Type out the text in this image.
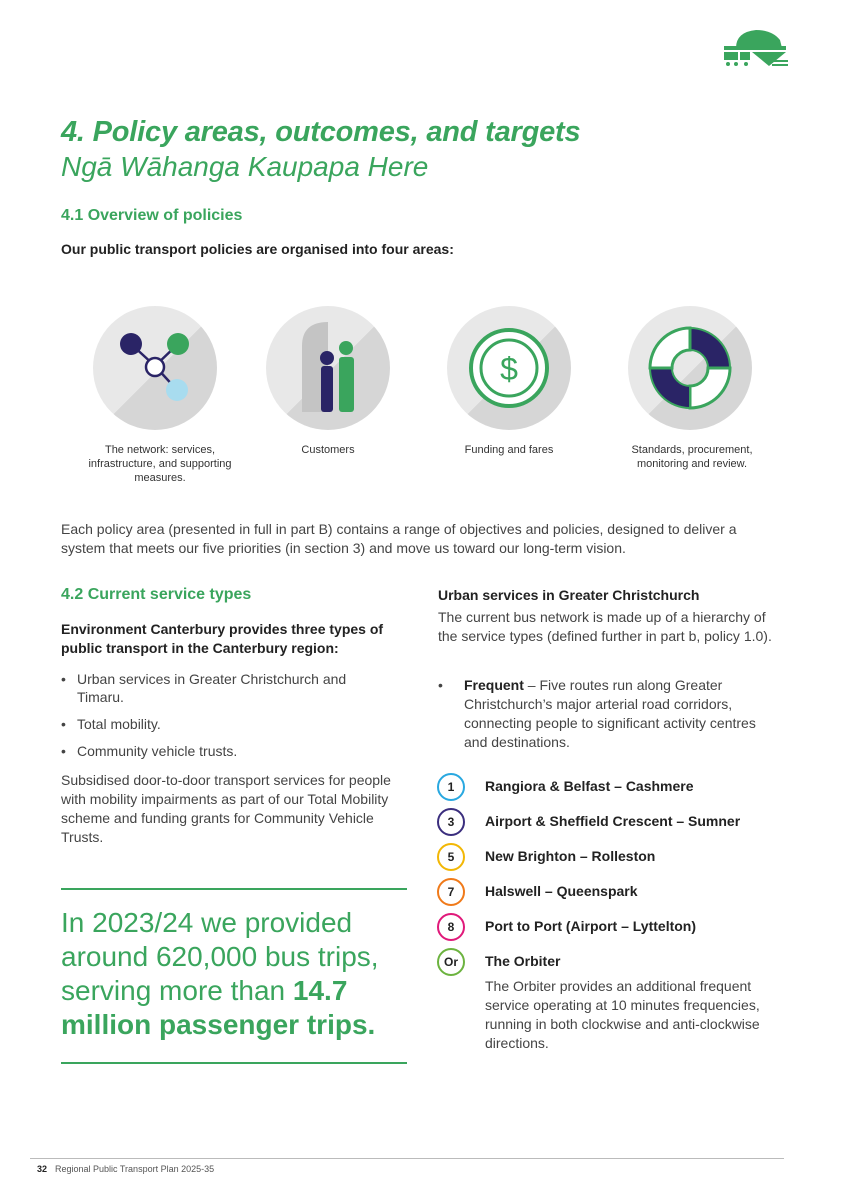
4. Policy areas, outcomes, and targets
Ngā Wāhanga Kaupapa Here
4.1 Overview of policies
Our public transport policies are organised into four areas:
$
The network: services, infrastructure, and supporting measures.
Customers	Funding and fares	Standards, procurement, monitoring and review.
Each policy area (presented in full in part B) contains a range of objectives and policies, designed to deliver a system that meets our five priorities (in section 3) and move us toward our long-term vision.
4.2 Current service types
Environment Canterbury provides three types of public transport in the Canterbury region:
• Urban services in Greater Christchurch and Timaru.
• Total mobility.
• Community vehicle trusts.
Subsidised door-to-door transport services for people with mobility impairments as part of our Total Mobility scheme and funding grants for Community Vehicle Trusts.
In 2023/24 we provided around 620,000 bus trips, serving more than 14.7 million passenger trips.
Urban services in Greater Christchurch
The current bus network is made up of a hierarchy of the service types (defined further in part b, policy 1.0).
•	Frequent – Five routes run along Greater Christchurch’s major arterial road corridors, connecting people to significant activity centres and destinations.
1	Rangiora & Belfast – Cashmere
3	Airport & Sheffield Crescent – Sumner
5	New Brighton – Rolleston
7	Halswell – Queenspark
8	Port to Port (Airport – Lyttelton)
Or	The Orbiter
The Orbiter provides an additional frequent service operating at 10 minutes frequencies, running in both clockwise and anti-clockwise directions.
32 Regional Public Transport Plan 2025-35
